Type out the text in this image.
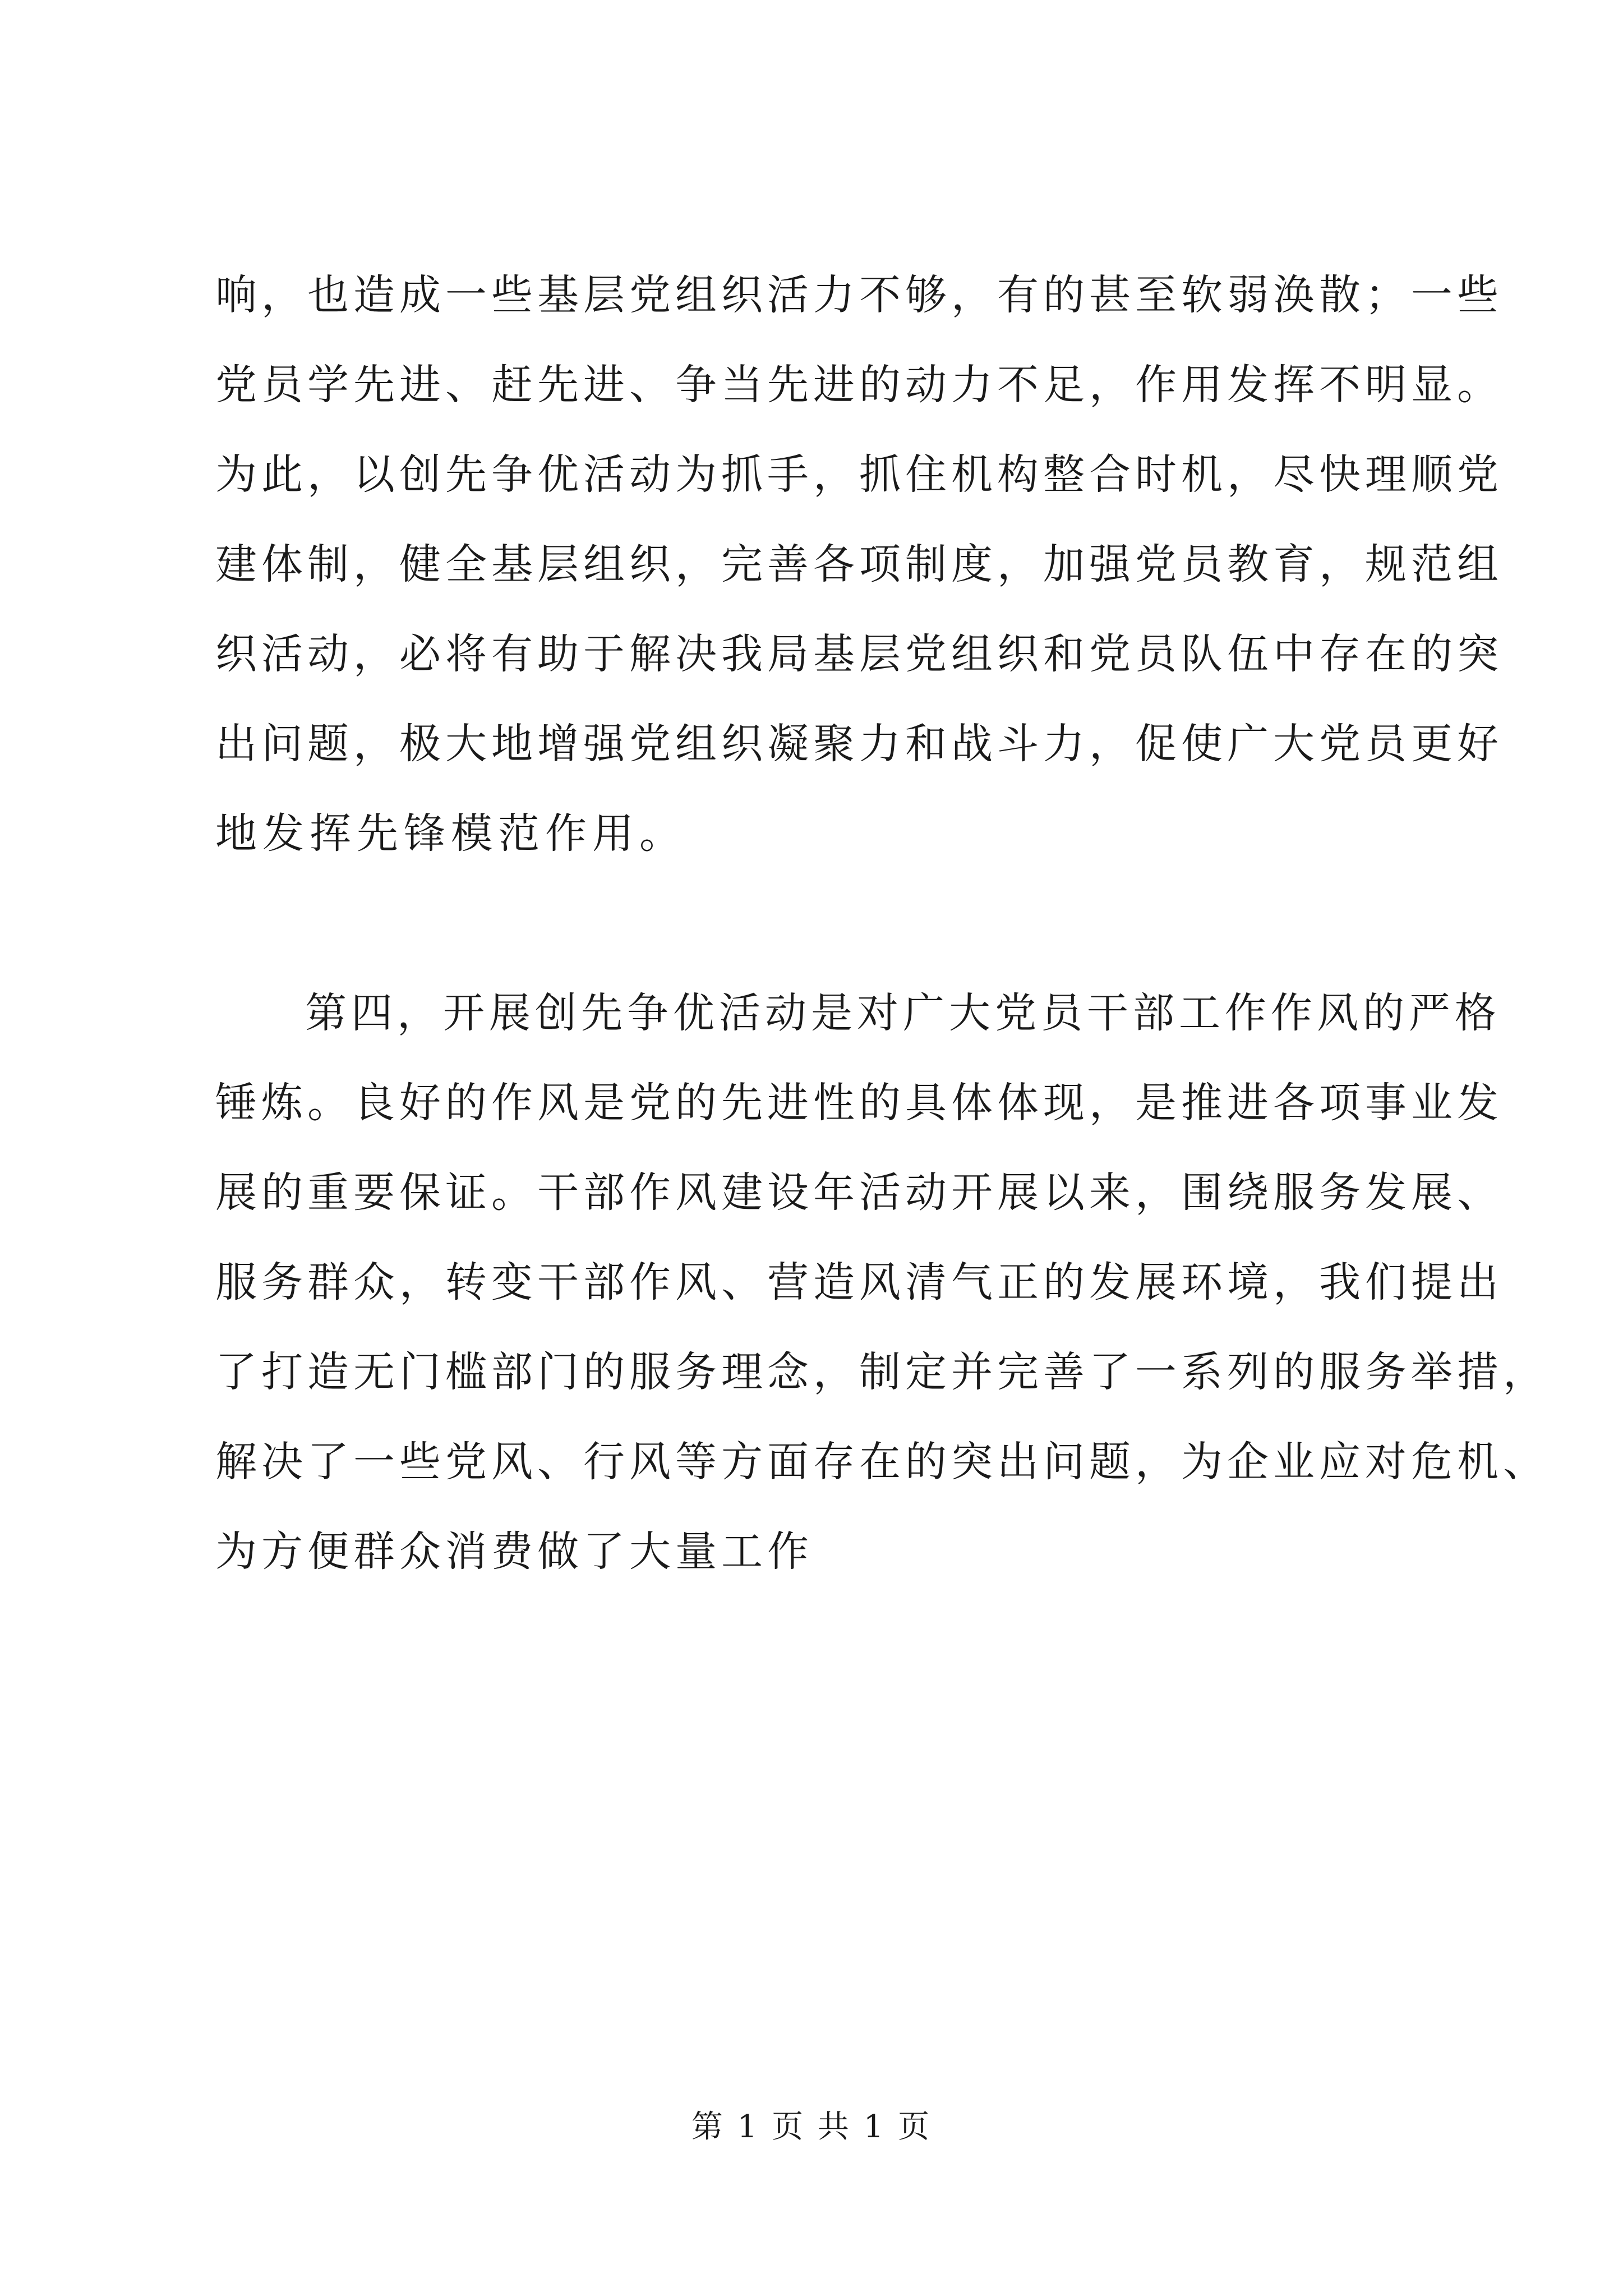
响，也造成一些基层党组织活力不够，有的甚至软弱涣散；一些
党员学先进、赶先进、争当先进的动力不足，作用发挥不明显。
为此，以创先争优活动为抓手，抓住机构整合时机，尽快理顺党
建体制，健全基层组织，完善各项制度，加强党员教育，规范组
织活动，必将有助于解决我局基层党组织和党员队伍中存在的突
出问题，极大地增强党组织凝聚力和战斗力，促使广大党员更好
地发挥先锋模范作用。
第四，开展创先争优活动是对广大党员干部工作作风的严格
锤炼。良好的作风是党的先进性的具体体现，是推进各项事业发
展的重要保证。干部作风建设年活动开展以来，围绕服务发展、
服务群众，转变干部作风、营造风清气正的发展环境，我们提出
了打造无门槛部门的服务理念，制定并完善了一系列的服务举措，
解决了一些党风、行风等方面存在的突出问题，为企业应对危机、
为方便群众消费做了大量工作
第 1 页 共 1 页
